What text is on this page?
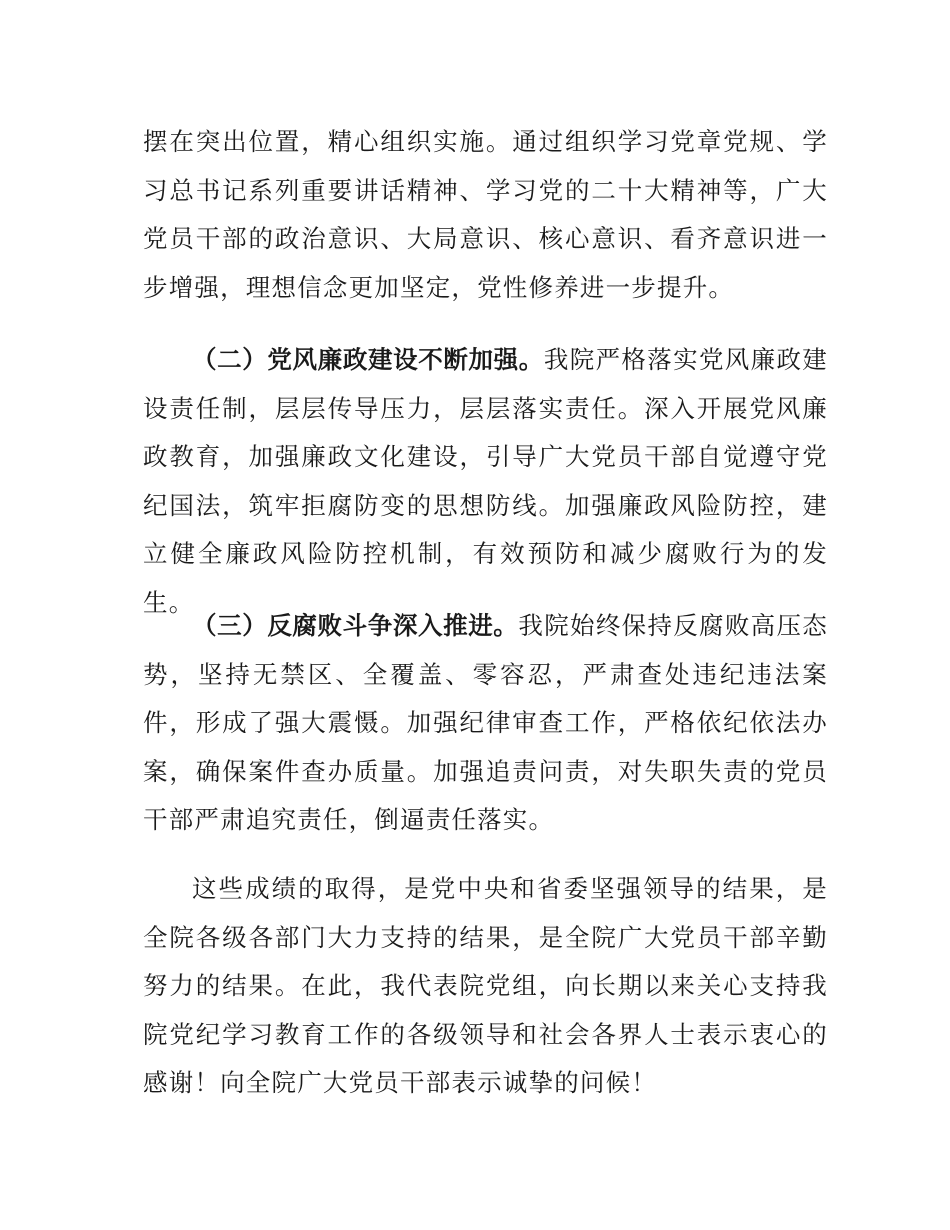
摆在突出位置，精心组织实施。通过组织学习党章党规、学习总书记系列重要讲话精神、学习党的二十大精神等，广大党员干部的政治意识、大局意识、核心意识、看齐意识进一步增强，理想信念更加坚定，党性修养进一步提升。

（二）党风廉政建设不断加强。我院严格落实党风廉政建设责任制，层层传导压力，层层落实责任。深入开展党风廉政教育，加强廉政文化建设，引导广大党员干部自觉遵守党纪国法，筑牢拒腐防变的思想防线。加强廉政风险防控，建立健全廉政风险防控机制，有效预防和减少腐败行为的发生。

（三）反腐败斗争深入推进。我院始终保持反腐败高压态势，坚持无禁区、全覆盖、零容忍，严肃查处违纪违法案件，形成了强大震慑。加强纪律审查工作，严格依纪依法办案，确保案件查办质量。加强追责问责，对失职失责的党员干部严肃追究责任，倒逼责任落实。

这些成绩的取得，是党中央和省委坚强领导的结果，是全院各级各部门大力支持的结果，是全院广大党员干部辛勤努力的结果。在此，我代表院党组，向长期以来关心支持我院党纪学习教育工作的各级领导和社会各界人士表示衷心的感谢！向全院广大党员干部表示诚挚的问候！
